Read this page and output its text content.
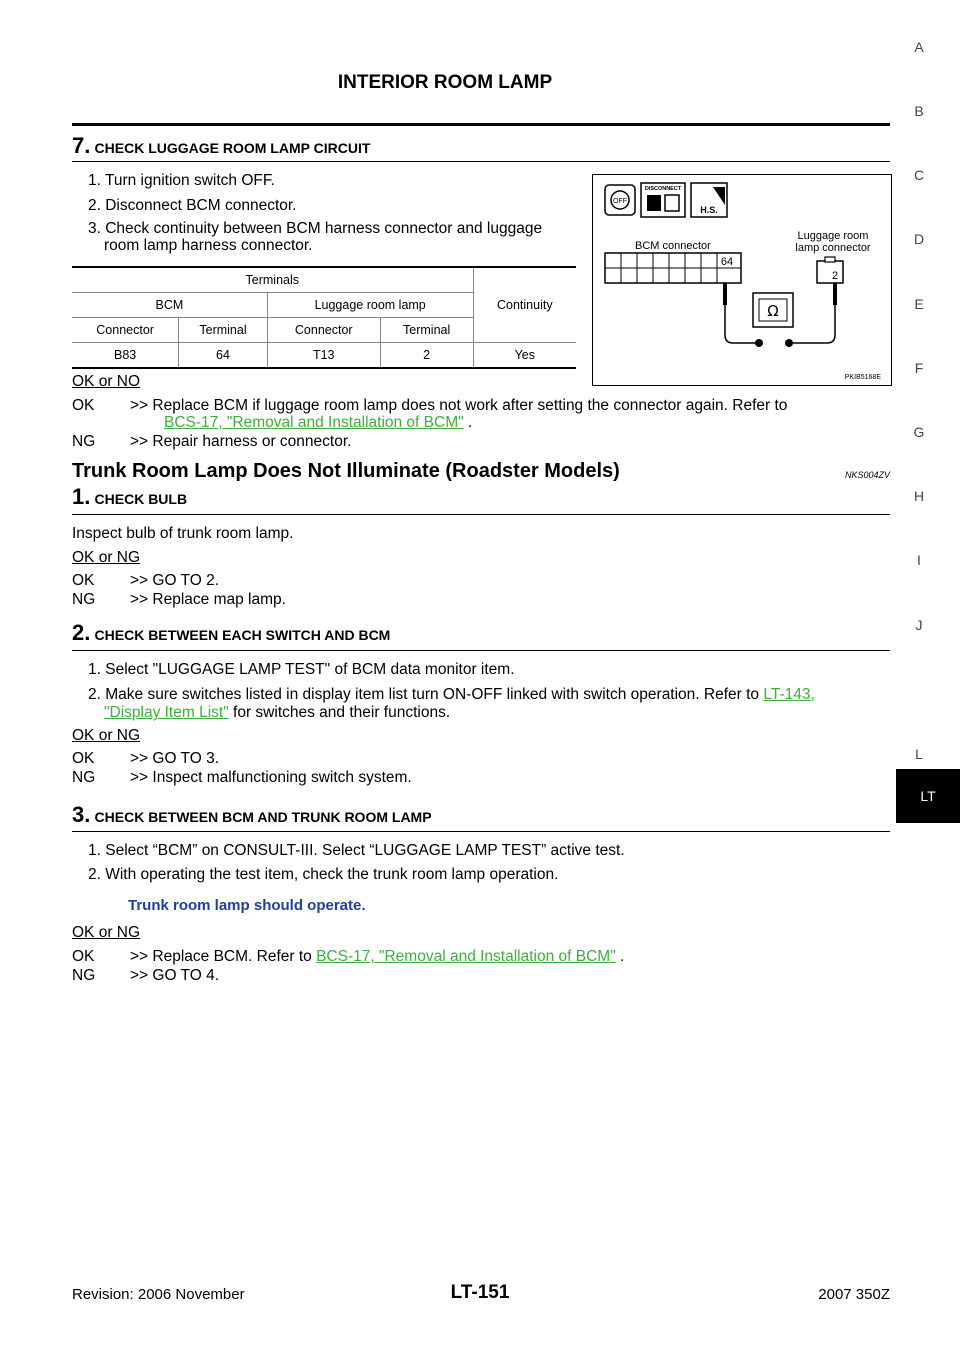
INTERIOR ROOM LAMP
A
B
C
D
E
F
G
H
I
J
L
LT
7. CHECK LUGGAGE ROOM LAMP CIRCUIT
1. Turn ignition switch OFF.
2. Disconnect BCM connector.
3. Check continuity between BCM harness connector and luggage
room lamp harness connector.
Terminals				Continuity
BCM		Luggage room lamp		
Connector	Terminal	Connector	Terminal	
B83	64	T13	2	Yes
OFF
DISCONNECT
H.S.
BCM connector
Luggage room
lamp connector
64
2
Ω
PKIB5168E
OK or NO
OK >> Replace BCM if luggage room lamp does not work after setting the connector again. Refer to
BCS-17, "Removal and Installation of BCM" .
NG >> Repair harness or connector.
Trunk Room Lamp Does Not Illuminate (Roadster Models)	NKS004ZV
1. CHECK BULB
Inspect bulb of trunk room lamp.
OK or NG
OK >> GO TO 2.
NG >> Replace map lamp.
2. CHECK BETWEEN EACH SWITCH AND BCM
1. Select "LUGGAGE LAMP TEST" of BCM data monitor item.
2. Make sure switches listed in display item list turn ON-OFF linked with switch operation. Refer to LT-143,
"Display Item List" for switches and their functions.
OK or NG
OK >> GO TO 3.
NG >> Inspect malfunctioning switch system.
3. CHECK BETWEEN BCM AND TRUNK ROOM LAMP
1. Select “BCM” on CONSULT-III. Select “LUGGAGE LAMP TEST” active test.
2. With operating the test item, check the trunk room lamp operation.
Trunk room lamp should operate.
OK or NG
OK >> Replace BCM. Refer to BCS-17, "Removal and Installation of BCM" .
NG >> GO TO 4.
Revision: 2006 November	LT-151	2007 350Z
